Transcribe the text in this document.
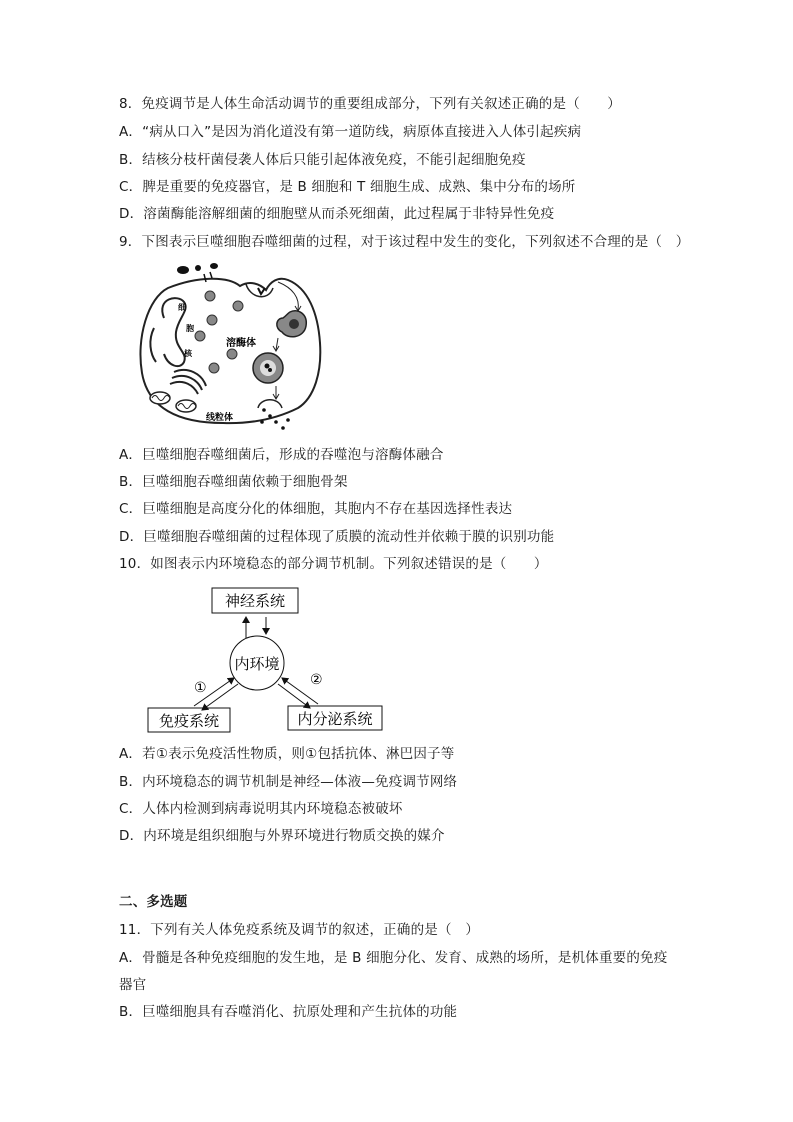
8．免疫调节是人体生命活动调节的重要组成部分，下列有关叙述正确的是（　　）
A．“病从口入”是因为消化道没有第一道防线，病原体直接进入人体引起疾病
B．结核分枝杆菌侵袭人体后只能引起体液免疫，不能引起细胞免疫
C．脾是重要的免疫器官，是 B 细胞和 T 细胞生成、成熟、集中分布的场所
D．溶菌酶能溶解细菌的细胞壁从而杀死细菌，此过程属于非特异性免疫
9．下图表示巨噬细胞吞噬细菌的过程，对于该过程中发生的变化，下列叙述不合理的是（　）
细
胞
核
溶酶体
线粒体
A．巨噬细胞吞噬细菌后，形成的吞噬泡与溶酶体融合
B．巨噬细胞吞噬细菌依赖于细胞骨架
C．巨噬细胞是高度分化的体细胞，其胞内不存在基因选择性表达
D．巨噬细胞吞噬细菌的过程体现了质膜的流动性并依赖于膜的识别功能
10．如图表示内环境稳态的部分调节机制。下列叙述错误的是（　　）
神经系统
内环境
免疫系统	内分泌系统
①	②
A．若①表示免疫活性物质，则①包括抗体、淋巴因子等
B．内环境稳态的调节机制是神经—体液—免疫调节网络
C．人体内检测到病毒说明其内环境稳态被破坏
D．内环境是组织细胞与外界环境进行物质交换的媒介
二、多选题
11．下列有关人体免疫系统及调节的叙述，正确的是（　）
A．骨髓是各种免疫细胞的发生地，是 B 细胞分化、发育、成熟的场所，是机体重要的免疫
器官
B．巨噬细胞具有吞噬消化、抗原处理和产生抗体的功能
